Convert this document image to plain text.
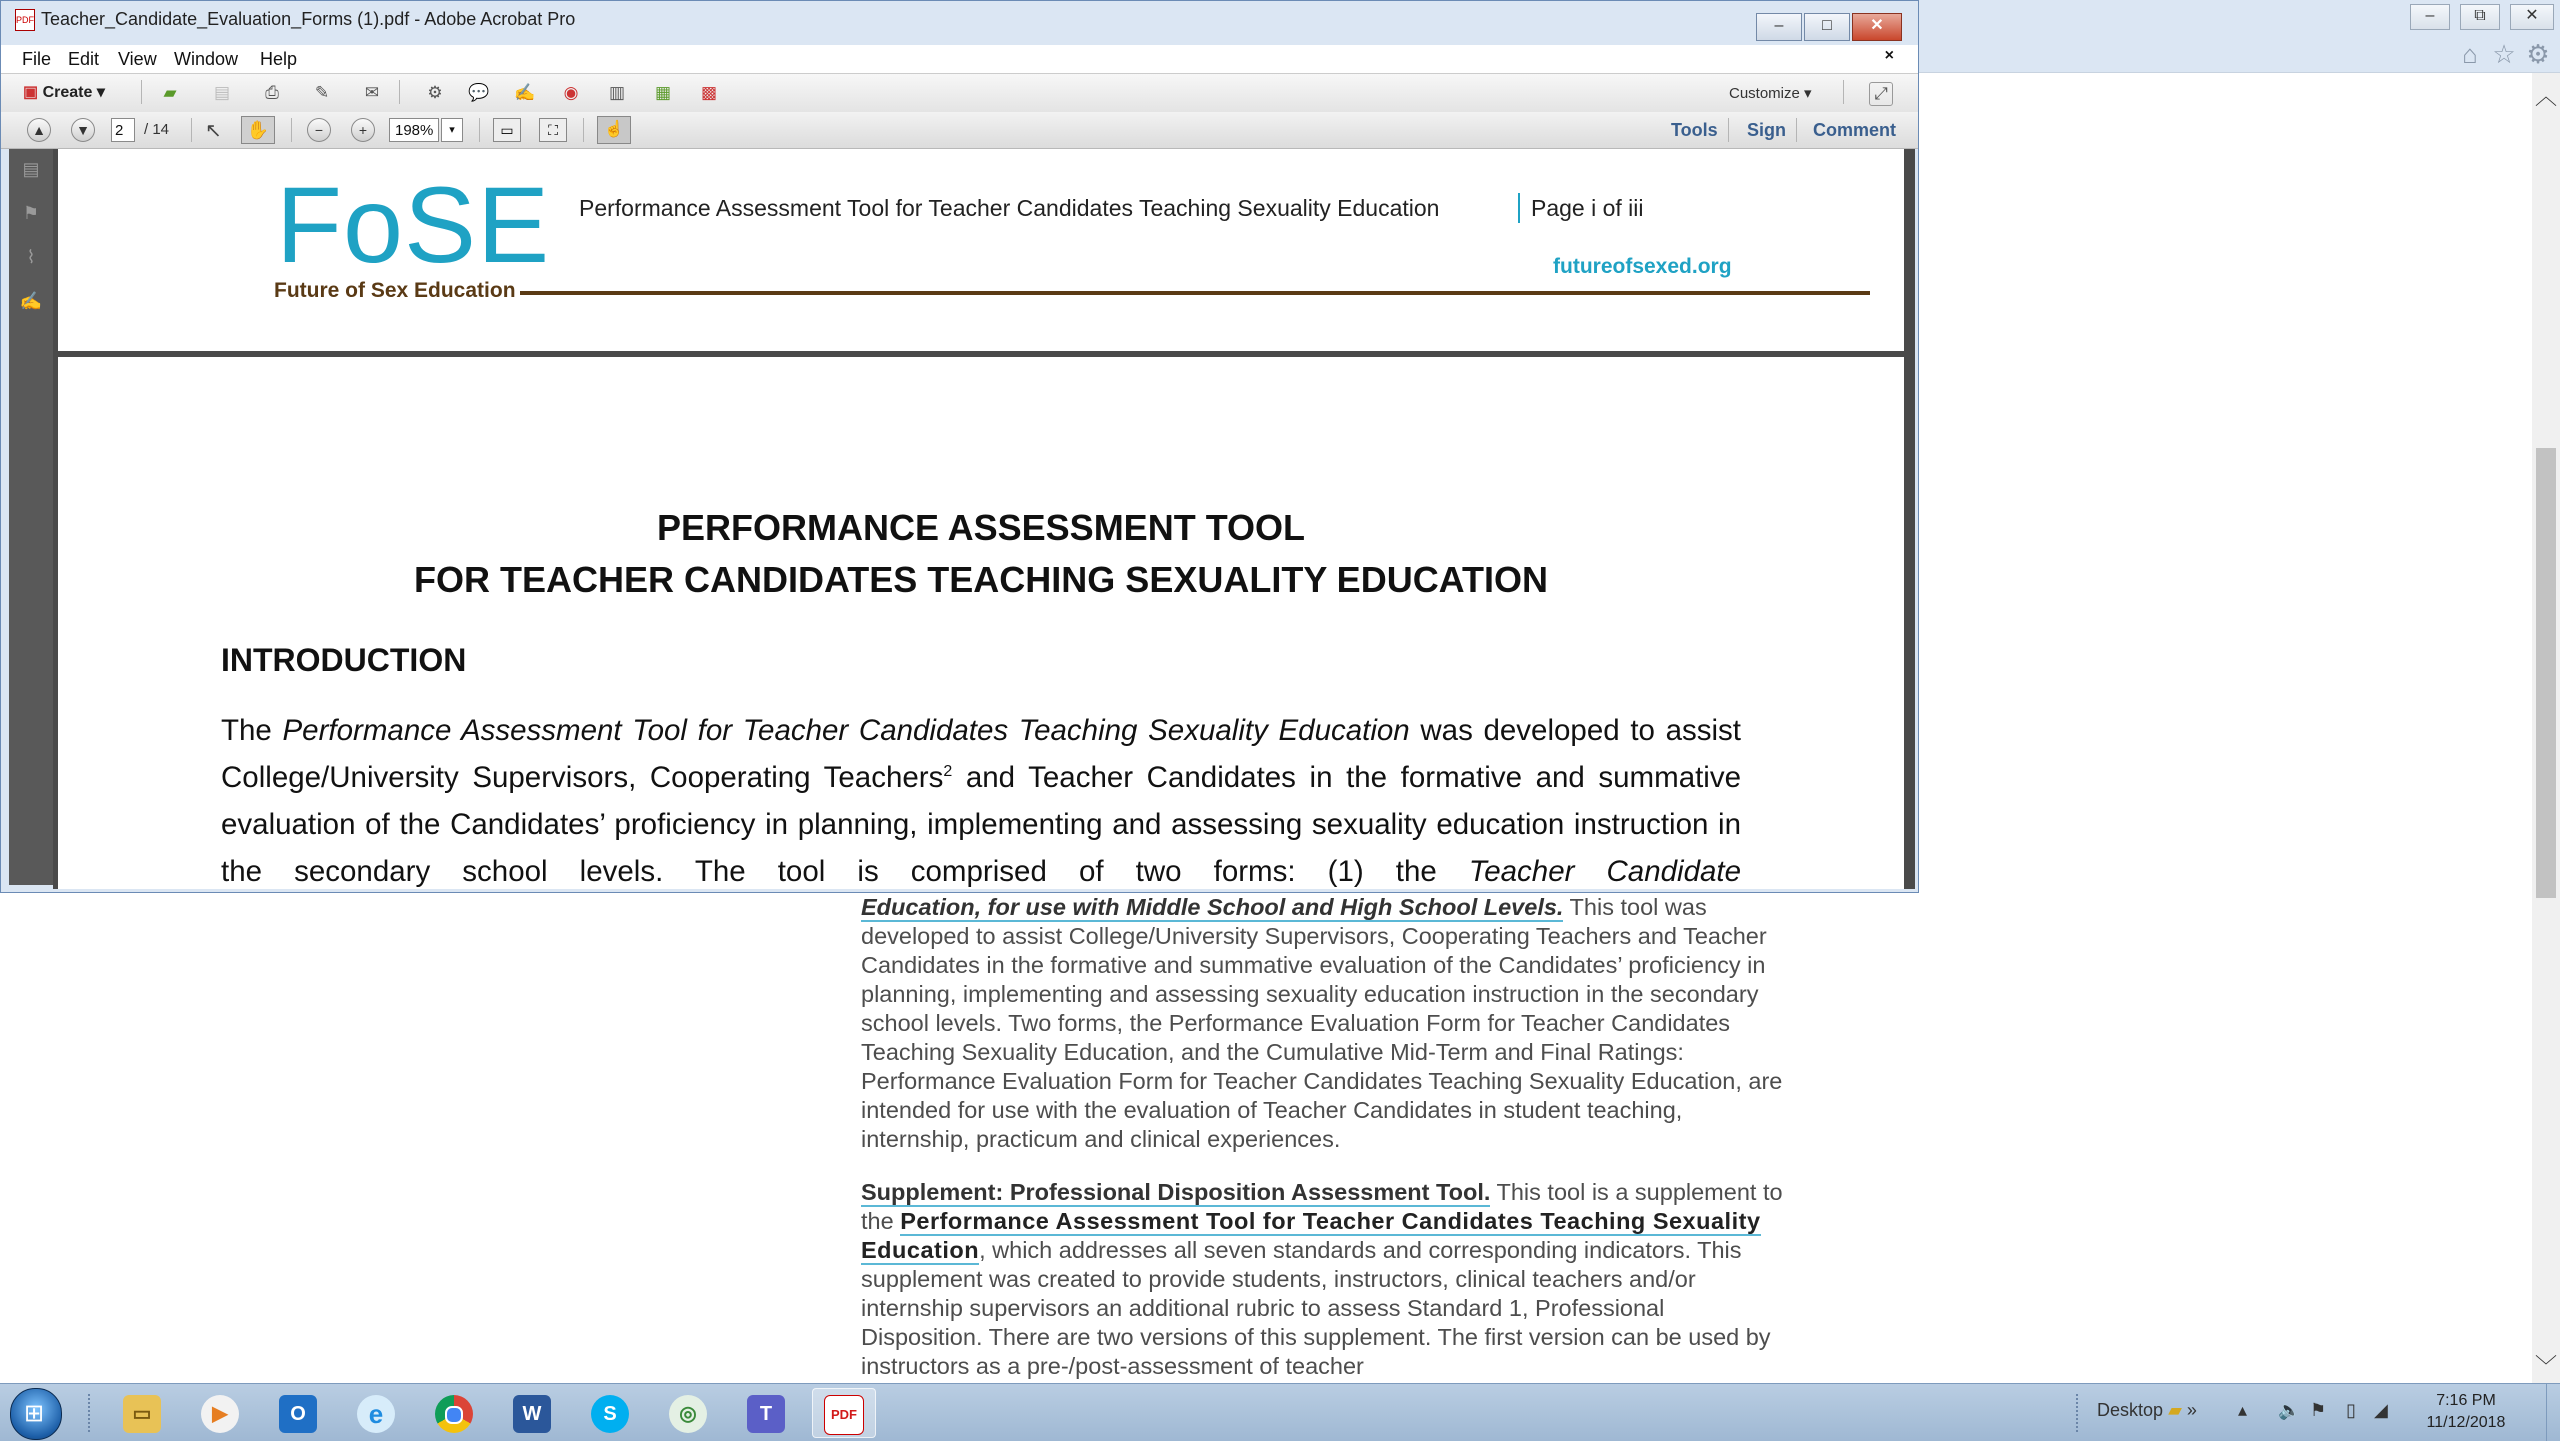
–	⧉	✕
⌂ ☆ ⚙
︿
﹀

Education, for use with Middle School and High School Levels. This tool was developed to assist College/University Supervisors, Cooperating Teachers and Teacher Candidates in the formative and summative evaluation of the Candidates’ proficiency in planning, implementing and assessing sexuality education instruction in the secondary school levels. Two forms, the Performance Evaluation Form for Teacher Candidates Teaching Sexuality Education, and the Cumulative Mid-Term and Final Ratings: Performance Evaluation Form for Teacher Candidates Teaching Sexuality Education, are intended for use with the evaluation of Teacher Candidates in student teaching, internship, practicum and clinical experiences.

Supplement: Professional Disposition Assessment Tool. This tool is a supplement to the Performance Assessment Tool for Teacher Candidates Teaching Sexuality Education, which addresses all seven standards and corresponding indicators. This supplement was created to provide students, instructors, clinical teachers and/or internship supervisors an additional rubric to assess Standard 1, Professional Disposition. There are two versions of this supplement. The first version can be used by instructors as a pre-/post-assessment of teacher

PDF Teacher_Candidate_Evaluation_Forms (1).pdf - Adobe Acrobat Pro	–	□	✕
File Edit View Window Help	×
▣ Create ▾	▰ ▤ ⎙ ✎ ✉	⚙ 💬 ✍ ◉ ▥ ▦ ▩	Customize ▾	⤢
▲	▼
2	/ 14 ↖	✋	−	+
198%	▾	▭	⛶	☝	Tools Sign Comment
▤
⚑
⌇
✍
FoSE
Future of Sex Education
Performance Assessment Tool for Teacher Candidates Teaching Sexuality Education	Page i of iii
futureofsexed.org
PERFORMANCE ASSESSMENT TOOL
FOR TEACHER CANDIDATES TEACHING SEXUALITY EDUCATION
INTRODUCTION
The Performance Assessment Tool for Teacher Candidates Teaching Sexuality Education was developed to assist College/University Supervisors, Cooperating Teachers$^2$ and Teacher Candidates in the formative and summative evaluation of the Candidates’ proficiency in planning, implementing and assessing sexuality education instruction in the secondary school levels. The tool is comprised of two forms: (1) the Teacher Candidate
⊞	▭	▶	O	e	W	S	◎	T	PDF	Desktop ▰ » ▴ 🔈 ⚑ ▯ ◢	7:16 PM
11/12/2018
